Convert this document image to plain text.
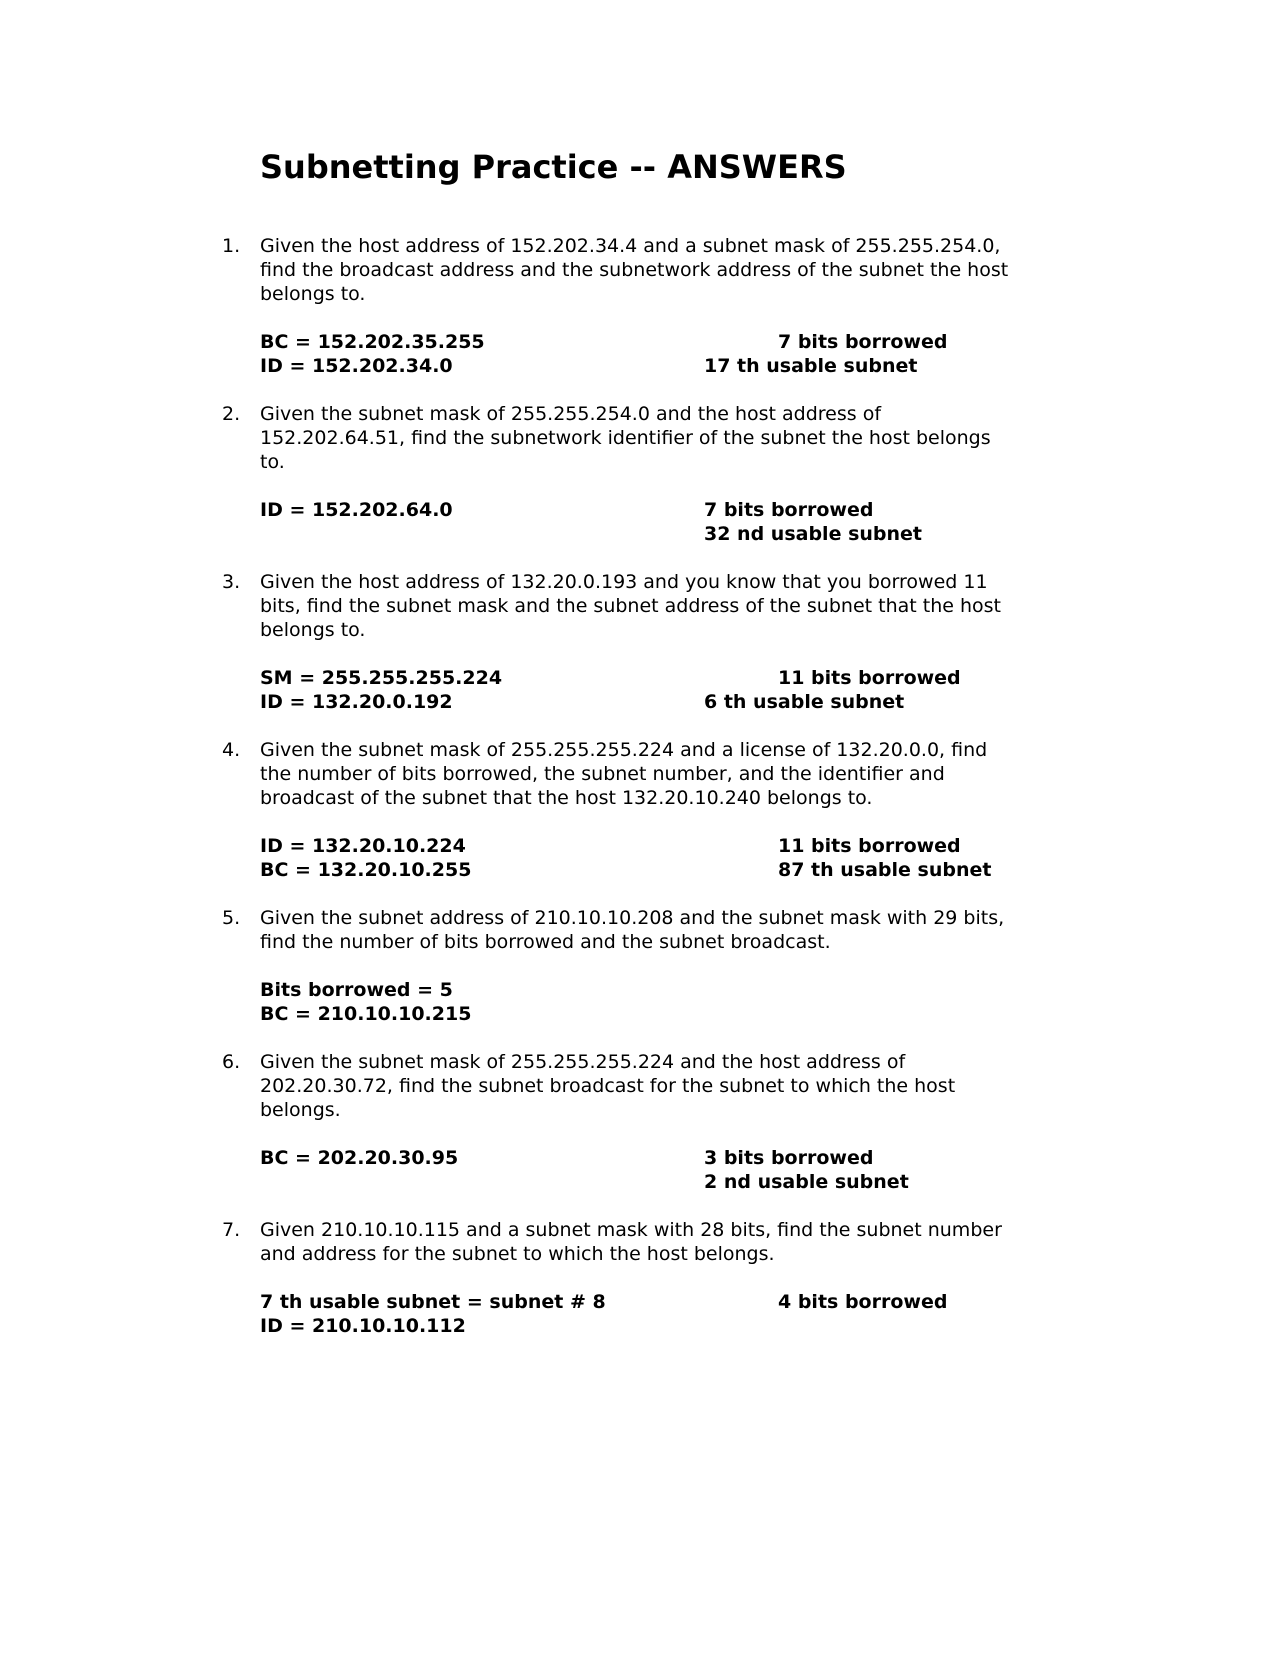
Subnetting Practice -- ANSWERS
1. Given the host address of 152.202.34.4 and a subnet mask of 255.255.254.0,
find the broadcast address and the subnetwork address of the subnet the host
belongs to.
BC = 152.202.35.255
ID = 152.202.34.0
7 bits borrowed
17 th usable subnet
2. Given the subnet mask of 255.255.254.0 and the host address of
152.202.64.51, find the subnetwork identifier of the subnet the host belongs
to.
ID = 152.202.64.0	7 bits borrowed
32 nd usable subnet
3. Given the host address of 132.20.0.193 and you know that you borrowed 11
bits, find the subnet mask and the subnet address of the subnet that the host
belongs to.
SM = 255.255.255.224
ID = 132.20.0.192
11 bits borrowed
6 th usable subnet
4. Given the subnet mask of 255.255.255.224 and a license of 132.20.0.0, find
the number of bits borrowed, the subnet number, and the identifier and
broadcast of the subnet that the host 132.20.10.240 belongs to.
ID = 132.20.10.224
BC = 132.20.10.255
11 bits borrowed
87 th usable subnet
5. Given the subnet address of 210.10.10.208 and the subnet mask with 29 bits,
find the number of bits borrowed and the subnet broadcast.
Bits borrowed = 5
BC = 210.10.10.215
6. Given the subnet mask of 255.255.255.224 and the host address of
202.20.30.72, find the subnet broadcast for the subnet to which the host
belongs.
BC = 202.20.30.95	3 bits borrowed
2 nd usable subnet
7. Given 210.10.10.115 and a subnet mask with 28 bits, find the subnet number
and address for the subnet to which the host belongs.
7 th usable subnet = subnet # 8
ID = 210.10.10.112
4 bits borrowed
